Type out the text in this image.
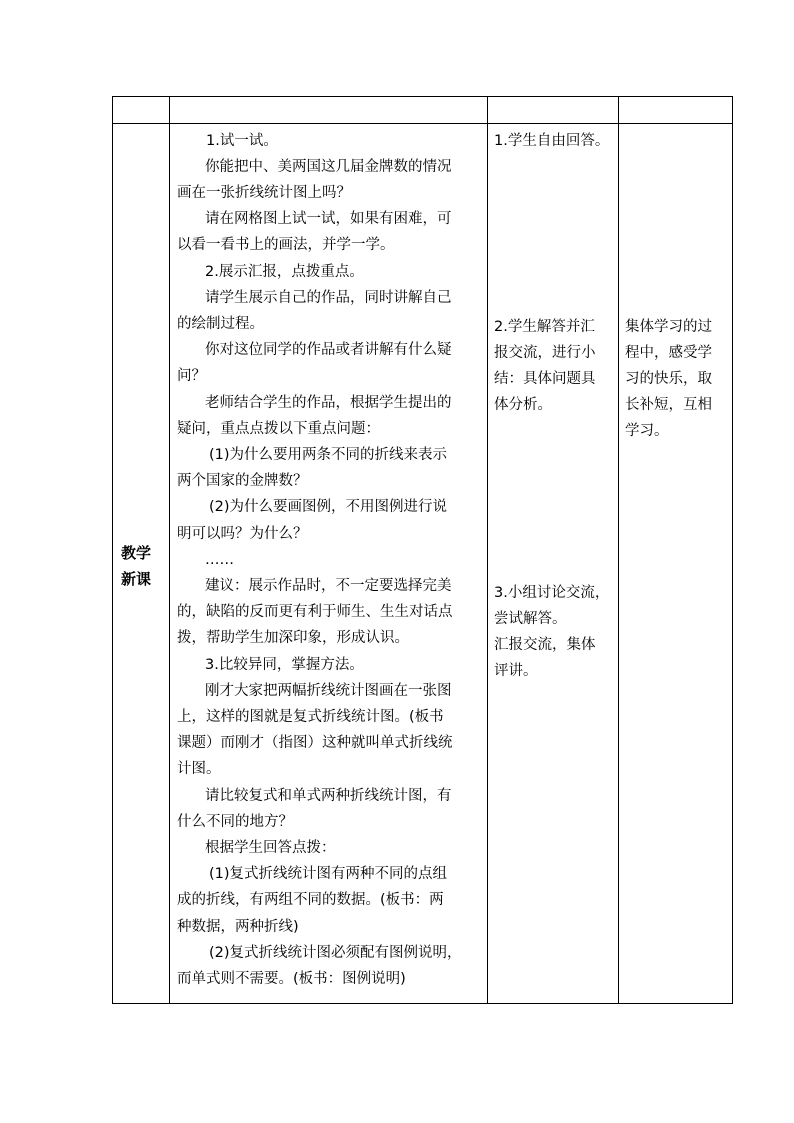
教学
新课
1.试一试。
你能把中、美两国这几届金牌数的情况
画在一张折线统计图上吗？
请在网格图上试一试，如果有困难，可
以看一看书上的画法，并学一学。
2.展示汇报，点拨重点。
请学生展示自己的作品，同时讲解自己
的绘制过程。
你对这位同学的作品或者讲解有什么疑
问？
老师结合学生的作品，根据学生提出的
疑问，重点点拨以下重点问题：
(1)为什么要用两条不同的折线来表示
两个国家的金牌数？
(2)为什么要画图例，不用图例进行说
明可以吗？为什么？
……
建议：展示作品时，不一定要选择完美
的，缺陷的反而更有利于师生、生生对话点
拨，帮助学生加深印象，形成认识。
3.比较异同，掌握方法。
刚才大家把两幅折线统计图画在一张图
上，这样的图就是复式折线统计图。(板书
课题）而刚才（指图）这种就叫单式折线统
计图。
请比较复式和单式两种折线统计图，有
什么不同的地方？
根据学生回答点拨：
(1)复式折线统计图有两种不同的点组
成的折线，有两组不同的数据。(板书：两
种数据，两种折线)
(2)复式折线统计图必须配有图例说明，
而单式则不需要。(板书：图例说明)
1.学生自由回答。
2.学生解答并汇
报交流，进行小
结：具体问题具
体分析。
3.小组讨论交流，
尝试解答。
汇报交流，集体
评讲。
集体学习的过
程中，感受学
习的快乐，取
长补短，互相
学习。
